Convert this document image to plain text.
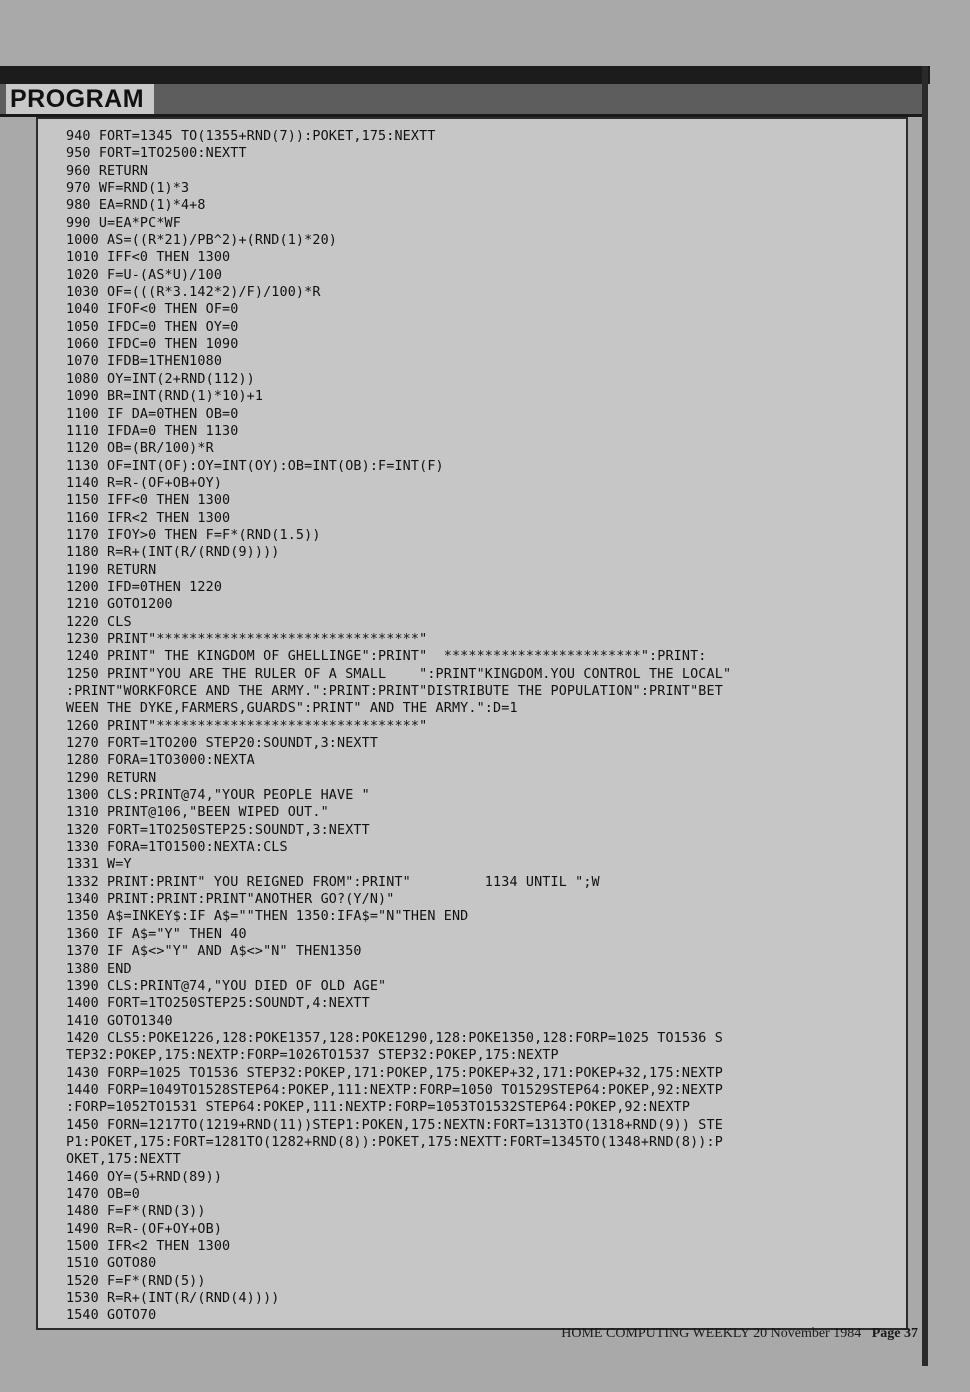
PROGRAM
940 FORT=1345 TO(1355+RND(7)):POKET,175:NEXTT
950 FORT=1TO2500:NEXTT
960 RETURN
970 WF=RND(1)*3
980 EA=RND(1)*4+8
990 U=EA*PC*WF
1000 AS=((R*21)/PB^2)+(RND(1)*20)
1010 IFF<0 THEN 1300
1020 F=U-(AS*U)/100
1030 OF=(((R*3.142*2)/F)/100)*R
1040 IFOF<0 THEN OF=0
1050 IFDC=0 THEN OY=0
1060 IFDC=0 THEN 1090
1070 IFDB=1THEN1080
1080 OY=INT(2+RND(112))
1090 BR=INT(RND(1)*10)+1
1100 IF DA=0THEN OB=0
1110 IFDA=0 THEN 1130
1120 OB=(BR/100)*R
1130 OF=INT(OF):OY=INT(OY):OB=INT(OB):F=INT(F)
1140 R=R-(OF+OB+OY)
1150 IFF<0 THEN 1300
1160 IFR<2 THEN 1300
1170 IFOY>0 THEN F=F*(RND(1.5))
1180 R=R+(INT(R/(RND(9))))
1190 RETURN
1200 IFD=0THEN 1220
1210 GOTO1200
1220 CLS
1230 PRINT"********************************"
1240 PRINT" THE KINGDOM OF GHELLINGE":PRINT"  ************************":PRINT:
1250 PRINT"YOU ARE THE RULER OF A SMALL    ":PRINT"KINGDOM.YOU CONTROL THE LOCAL"
:PRINT"WORKFORCE AND THE ARMY.":PRINT:PRINT"DISTRIBUTE THE POPULATION":PRINT"BET
WEEN THE DYKE,FARMERS,GUARDS":PRINT" AND THE ARMY.":D=1
1260 PRINT"********************************"
1270 FORT=1TO200 STEP20:SOUNDT,3:NEXTT
1280 FORA=1TO3000:NEXTA
1290 RETURN
1300 CLS:PRINT@74,"YOUR PEOPLE HAVE "
1310 PRINT@106,"BEEN WIPED OUT."
1320 FORT=1TO250STEP25:SOUNDT,3:NEXTT
1330 FORA=1TO1500:NEXTA:CLS
1331 W=Y
1332 PRINT:PRINT" YOU REIGNED FROM":PRINT"         1134 UNTIL ";W
1340 PRINT:PRINT:PRINT"ANOTHER GO?(Y/N)"
1350 A$=INKEY$:IF A$=""THEN 1350:IFA$="N"THEN END
1360 IF A$="Y" THEN 40
1370 IF A$<>"Y" AND A$<>"N" THEN1350
1380 END
1390 CLS:PRINT@74,"YOU DIED OF OLD AGE"
1400 FORT=1TO250STEP25:SOUNDT,4:NEXTT
1410 GOTO1340
1420 CLS5:POKE1226,128:POKE1357,128:POKE1290,128:POKE1350,128:FORP=1025 TO1536 S
TEP32:POKEP,175:NEXTP:FORP=1026TO1537 STEP32:POKEP,175:NEXTP
1430 FORP=1025 TO1536 STEP32:POKEP,171:POKEP,175:POKEP+32,171:POKEP+32,175:NEXTP
1440 FORP=1049TO1528STEP64:POKEP,111:NEXTP:FORP=1050 TO1529STEP64:POKEP,92:NEXTP
:FORP=1052TO1531 STEP64:POKEP,111:NEXTP:FORP=1053TO1532STEP64:POKEP,92:NEXTP
1450 FORN=1217TO(1219+RND(11))STEP1:POKEN,175:NEXTN:FORT=1313TO(1318+RND(9)) STE
P1:POKET,175:FORT=1281TO(1282+RND(8)):POKET,175:NEXTT:FORT=1345TO(1348+RND(8)):P
OKET,175:NEXTT
1460 OY=(5+RND(89))
1470 OB=0
1480 F=F*(RND(3))
1490 R=R-(OF+OY+OB)
1500 IFR<2 THEN 1300
1510 GOTO80
1520 F=F*(RND(5))
1530 R=R+(INT(R/(RND(4))))
1540 GOTO70
HOME COMPUTING WEEKLY 20 November 1984 Page 37
